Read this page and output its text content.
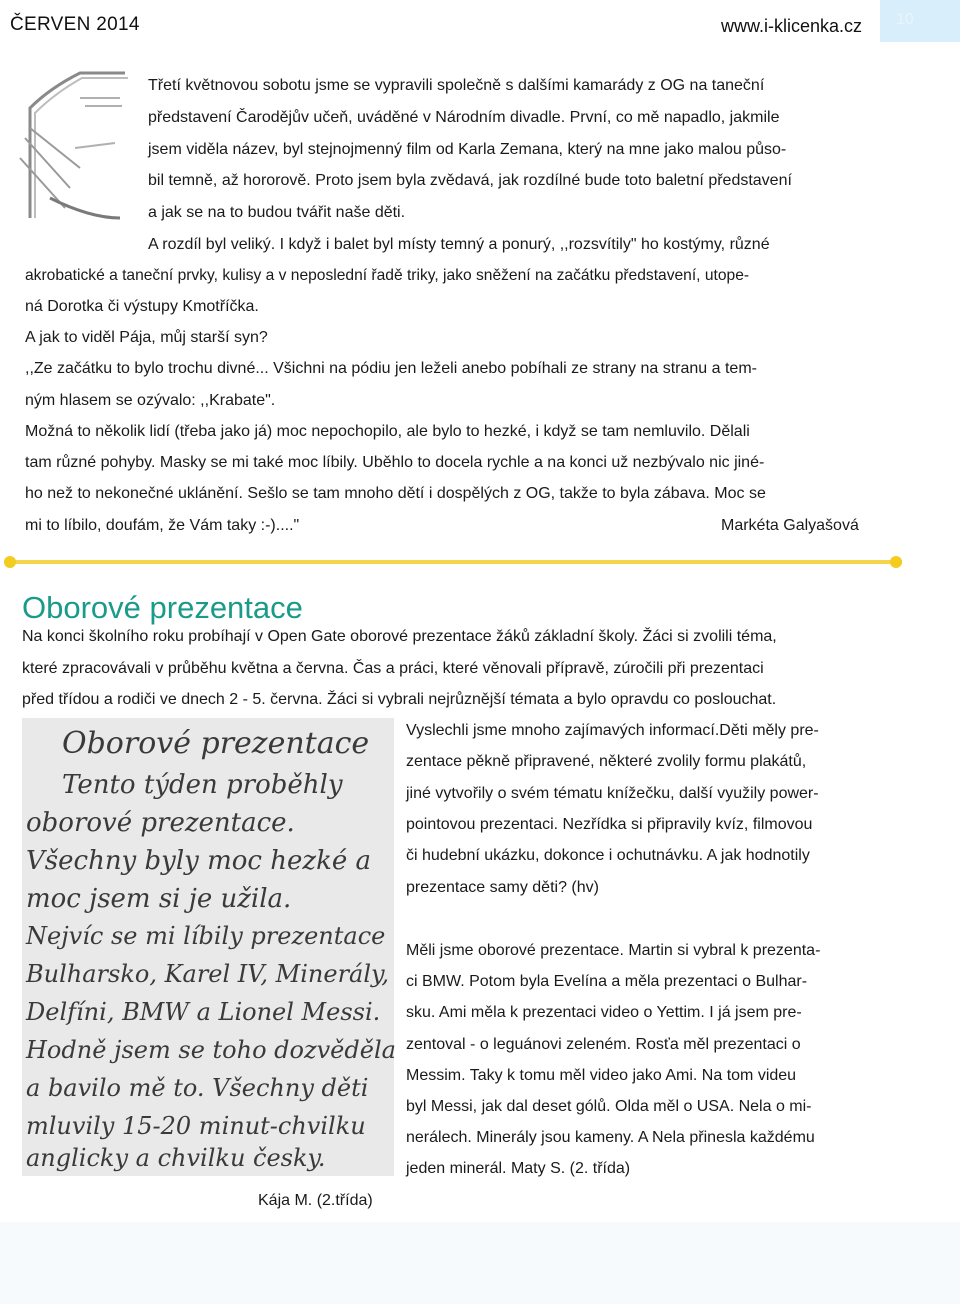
ČERVEN 2014	www.i-klicenka.cz 10
Třetí květnovou sobotu jsme se vypravili společně s dalšími kamarády z OG na taneční
představení Čarodějův učeň, uváděné v Národním divadle. První, co mě napadlo, jakmile
jsem viděla název, byl stejnojmenný film od Karla Zemana, který na mne jako malou půso-
bil temně, až hororově. Proto jsem byla zvědavá, jak rozdílné bude toto baletní představení
a jak se na to budou tvářit naše děti.
A rozdíl byl veliký. I když i balet byl místy temný a ponurý, ,,rozsvítily" ho kostýmy, různé
akrobatické a taneční prvky, kulisy a v neposlední řadě triky, jako sněžení na začátku představení, utope-
ná Dorotka či výstupy Kmotříčka.
A jak to viděl Pája, můj starší syn?
,,Ze začátku to bylo trochu divné... Všichni na pódiu jen leželi anebo pobíhali ze strany na stranu a tem-
ným hlasem se ozývalo: ,,Krabate".
Možná to několik lidí (třeba jako já) moc nepochopilo, ale bylo to hezké, i když se tam nemluvilo. Dělali
tam různé pohyby. Masky se mi také moc líbily. Uběhlo to docela rychle a na konci už nezbývalo nic jiné-
ho než to nekonečné uklánění. Sešlo se tam mnoho dětí i dospělých z OG, takže to byla zábava. Moc se
mi to líbilo, doufám, že Vám taky :-)...."	Markéta Galyašová
Oborové prezentace
Na konci školního roku probíhají v Open Gate oborové prezentace žáků základní školy. Žáci si zvolili téma,
které zpracovávali v průběhu května a června. Čas a práci, které věnovali přípravě, zúročili při prezentaci
před třídou a rodiči ve dnech 2 - 5. června. Žáci si vybrali nejrůznější témata a bylo opravdu co poslouchat.
Oborové prezentace
Tento týden proběhly
oborové prezentace.
Všechny byly moc hezké a
moc jsem si je užila.
Nejvíc se mi líbily prezentace
Bulharsko, Karel IV, Minerály,
Delfíni, BMW a Lionel Messi.
Hodně jsem se toho dozvěděla
a bavilo mě to. Všechny děti
mluvily 15-20 minut-chvilku
anglicky a chvilku česky.
Kája M. (2.třída)
Vyslechli jsme mnoho zajímavých informací.Děti měly pre-
zentace pěkně připravené, některé zvolily formu plakátů,
jiné vytvořily o svém tématu knížečku, další využily power-
pointovou prezentaci. Nezřídka si připravily kvíz, filmovou
či hudební ukázku, dokonce i ochutnávku. A jak hodnotily
prezentace samy děti? (hv)
Měli jsme oborové prezentace. Martin si vybral k prezenta-
ci BMW. Potom byla Evelína a měla prezentaci o Bulhar-
sku. Ami měla k prezentaci video o Yettim. I já jsem pre-
zentoval - o leguánovi zeleném. Rosťa měl prezentaci o
Messim. Taky k tomu měl video jako Ami. Na tom videu
byl Messi, jak dal deset gólů. Olda měl o USA. Nela o mi-
nerálech. Minerály jsou kameny. A Nela přinesla každému
jeden minerál. Maty S. (2. třída)
